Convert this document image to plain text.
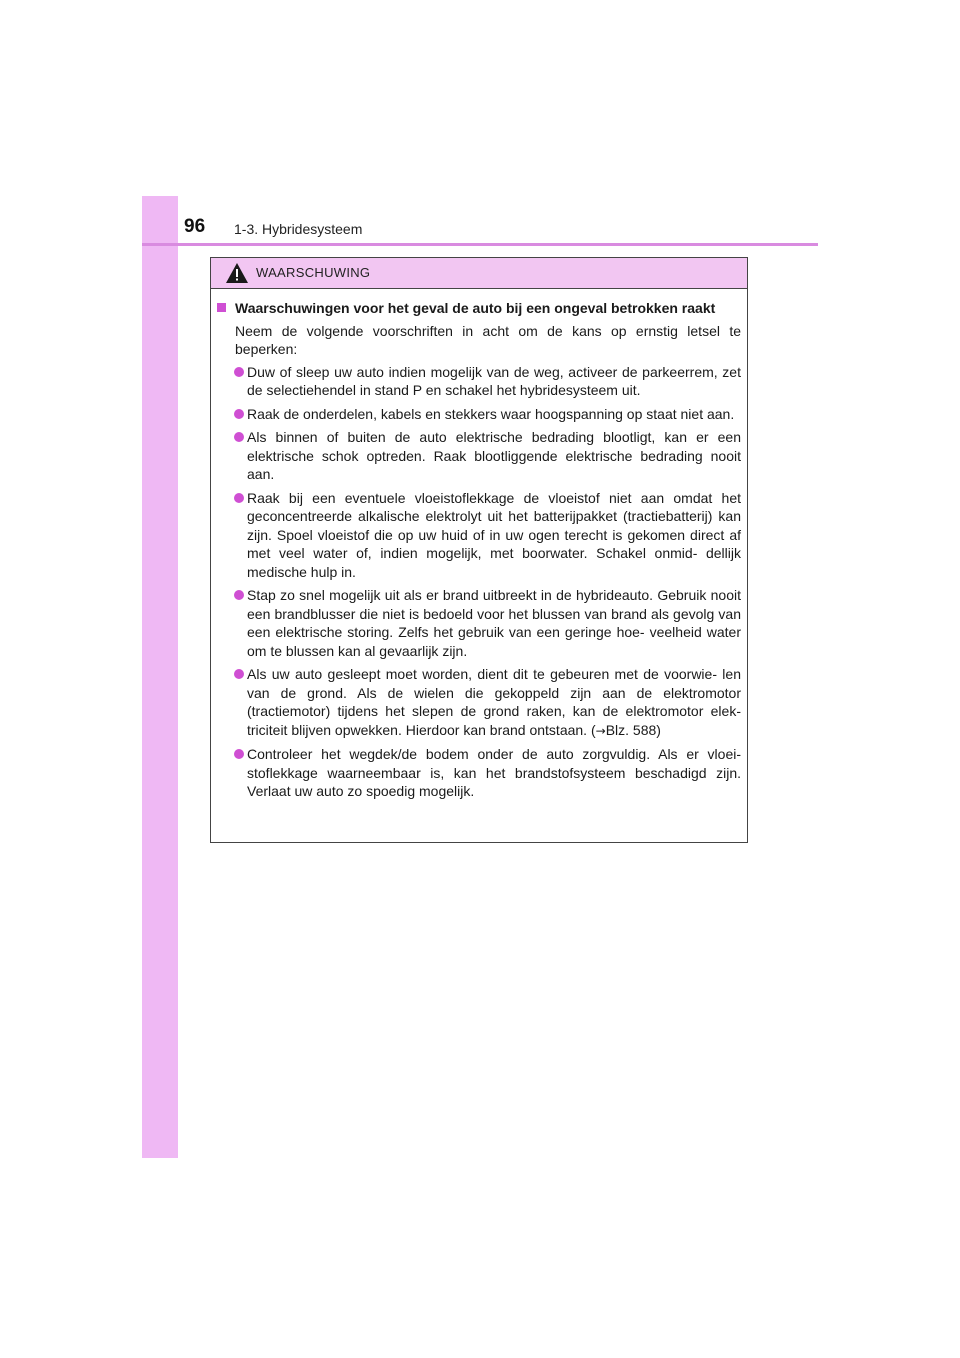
96 1-3. Hybridesysteem
WAARSCHUWING
Waarschuwingen voor het geval de auto bij een ongeval betrokken raakt
Neem de volgende voorschriften in acht om de kans op ernstig letsel te beperken:
Duw of sleep uw auto indien mogelijk van de weg, activeer de parkeerrem, zet de selectiehendel in stand P en schakel het hybridesysteem uit.
Raak de onderdelen, kabels en stekkers waar hoogspanning op staat niet aan.
Als binnen of buiten de auto elektrische bedrading blootligt, kan er een elektrische schok optreden. Raak blootliggende elektrische bedrading nooit aan.
Raak bij een eventuele vloeistoflekkage de vloeistof niet aan omdat het geconcentreerde alkalische elektrolyt uit het batterijpakket (tractiebatterij) kan zijn. Spoel vloeistof die op uw huid of in uw ogen terecht is gekomen direct af met veel water of, indien mogelijk, met boorwater. Schakel onmid- dellijk medische hulp in.
Stap zo snel mogelijk uit als er brand uitbreekt in de hybrideauto. Gebruik nooit een brandblusser die niet is bedoeld voor het blussen van brand als gevolg van een elektrische storing. Zelfs het gebruik van een geringe hoe- veelheid water om te blussen kan al gevaarlijk zijn.
Als uw auto gesleept moet worden, dient dit te gebeuren met de voorwie- len van de grond. Als de wielen die gekoppeld zijn aan de elektromotor (tractiemotor) tijdens het slepen de grond raken, kan de elektromotor elek- triciteit blijven opwekken. Hierdoor kan brand ontstaan. (→Blz. 588)
Controleer het wegdek/de bodem onder de auto zorgvuldig. Als er vloei- stoflekkage waarneembaar is, kan het brandstofsysteem beschadigd zijn. Verlaat uw auto zo spoedig mogelijk.
